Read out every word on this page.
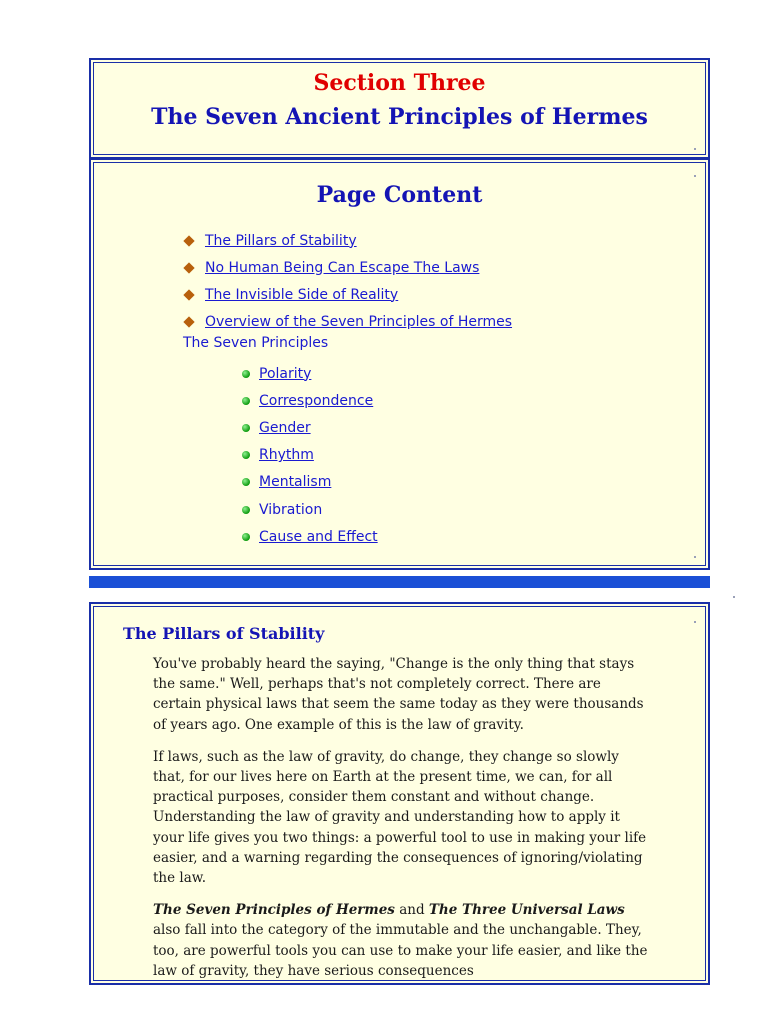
Section Three
The Seven Ancient Principles of Hermes
Page Content
The Pillars of Stability
No Human Being Can Escape The Laws
The Invisible Side of Reality
Overview of the Seven Principles of Hermes

The Seven Principles

Polarity
Correspondence
Gender
Rhythm
Mentalism
Vibration
Cause and Effect
The Pillars of Stability

You've probably heard the saying, "Change is the only thing that stays the same." Well, perhaps that's not completely correct. There are certain physical laws that seem the same today as they were thousands of years ago. One example of this is the law of gravity.

If laws, such as the law of gravity, do change, they change so slowly that, for our lives here on Earth at the present time, we can, for all practical purposes, consider them constant and without change. Understanding the law of gravity and understanding how to apply it your life gives you two things: a powerful tool to use in making your life easier, and a warning regarding the consequences of ignoring/violating the law.

The Seven Principles of Hermes and The Three Universal Laws also fall into the category of the immutable and the unchangable. They, too, are powerful tools you can use to make your life easier, and like the law of gravity, they have serious consequences
